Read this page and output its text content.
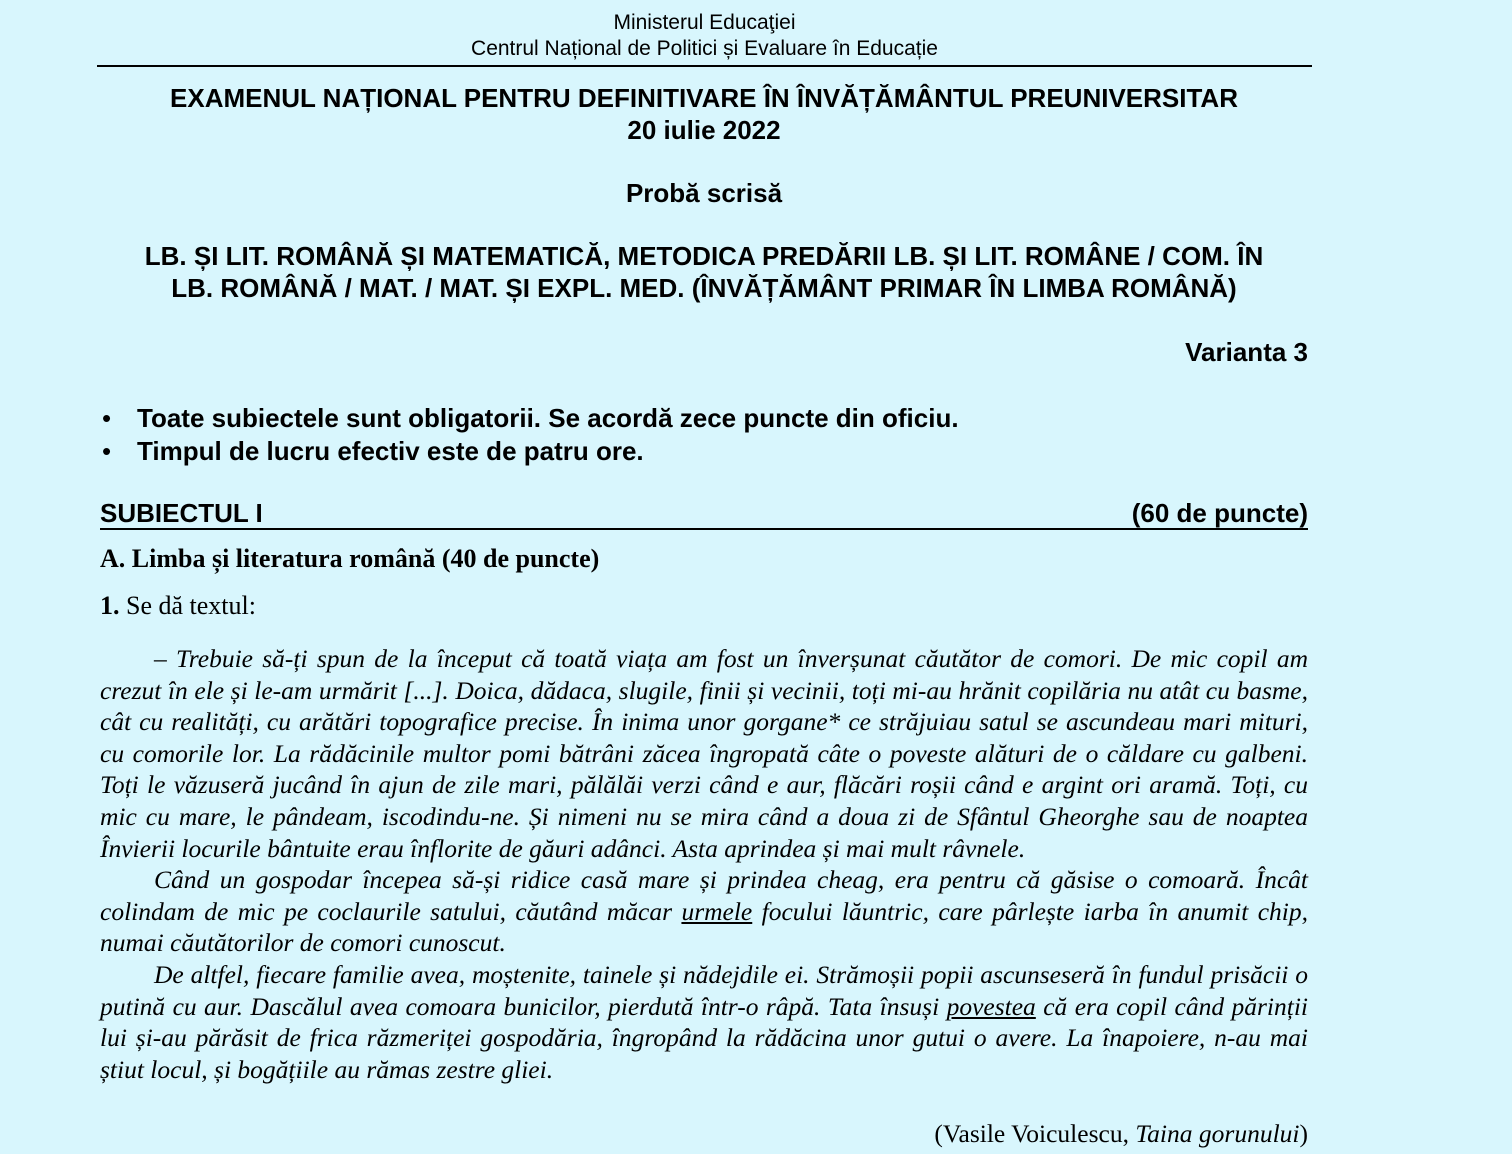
Ministerul Educaţiei
Centrul Național de Politici și Evaluare în Educație
EXAMENUL NAȚIONAL PENTRU DEFINITIVARE ÎN ÎNVĂȚĂMÂNTUL PREUNIVERSITAR
20 iulie 2022
Probă scrisă
LB. ȘI LIT. ROMÂNĂ ȘI MATEMATICĂ, METODICA PREDĂRII LB. ȘI LIT. ROMÂNE / COM. ÎN
LB. ROMÂNĂ / MAT. / MAT. ȘI EXPL. MED. (ÎNVĂȚĂMÂNT PRIMAR ÎN LIMBA ROMÂNĂ)
Varianta 3
• Toate subiectele sunt obligatorii. Se acordă zece puncte din oficiu.
• Timpul de lucru efectiv este de patru ore.
SUBIECTUL I	(60 de puncte)
A. Limba și literatura română (40 de puncte)
1. Se dă textul:

– Trebuie să-ți spun de la început că toată viața am fost un înverșunat căutător de comori. De mic copil am crezut în ele și le-am urmărit [...]. Doica, dădaca, slugile, finii și vecinii, toți mi-au hrănit copilăria nu atât cu basme, cât cu realități, cu arătări topografice precise. În inima unor gorgane* ce străjuiau satul se ascundeau mari mituri, cu comorile lor. La rădăcinile multor pomi bătrâni zăcea îngropată câte o poveste alături de o căldare cu galbeni. Toți le văzuseră jucând în ajun de zile mari, pălălăi verzi când e aur, flăcări roșii când e argint ori aramă. Toți, cu mic cu mare, le pândeam, iscodindu-ne. Și nimeni nu se mira când a doua zi de Sfântul Gheorghe sau de noaptea Învierii locurile bântuite erau înflorite de găuri adânci. Asta aprindea și mai mult râvnele.

Când un gospodar începea să-și ridice casă mare și prindea cheag, era pentru că găsise o comoară. Încât colindam de mic pe coclaurile satului, căutând măcar urmele focului lăuntric, care pârlește iarba în anumit chip, numai căutătorilor de comori cunoscut.

De altfel, fiecare familie avea, moștenite, tainele și nădejdile ei. Strămoșii popii ascunseseră în fundul prisăcii o putină cu aur. Dascălul avea comoara bunicilor, pierdută într-o râpă. Tata însuși povestea că era copil când părinții lui și-au părăsit de frica răzmeriței gospodăria, îngropând la rădăcina unor gutui o avere. La înapoiere, n-au mai știut locul, și bogățiile au rămas zestre gliei.

(Vasile Voiculescu, Taina gorunului)
